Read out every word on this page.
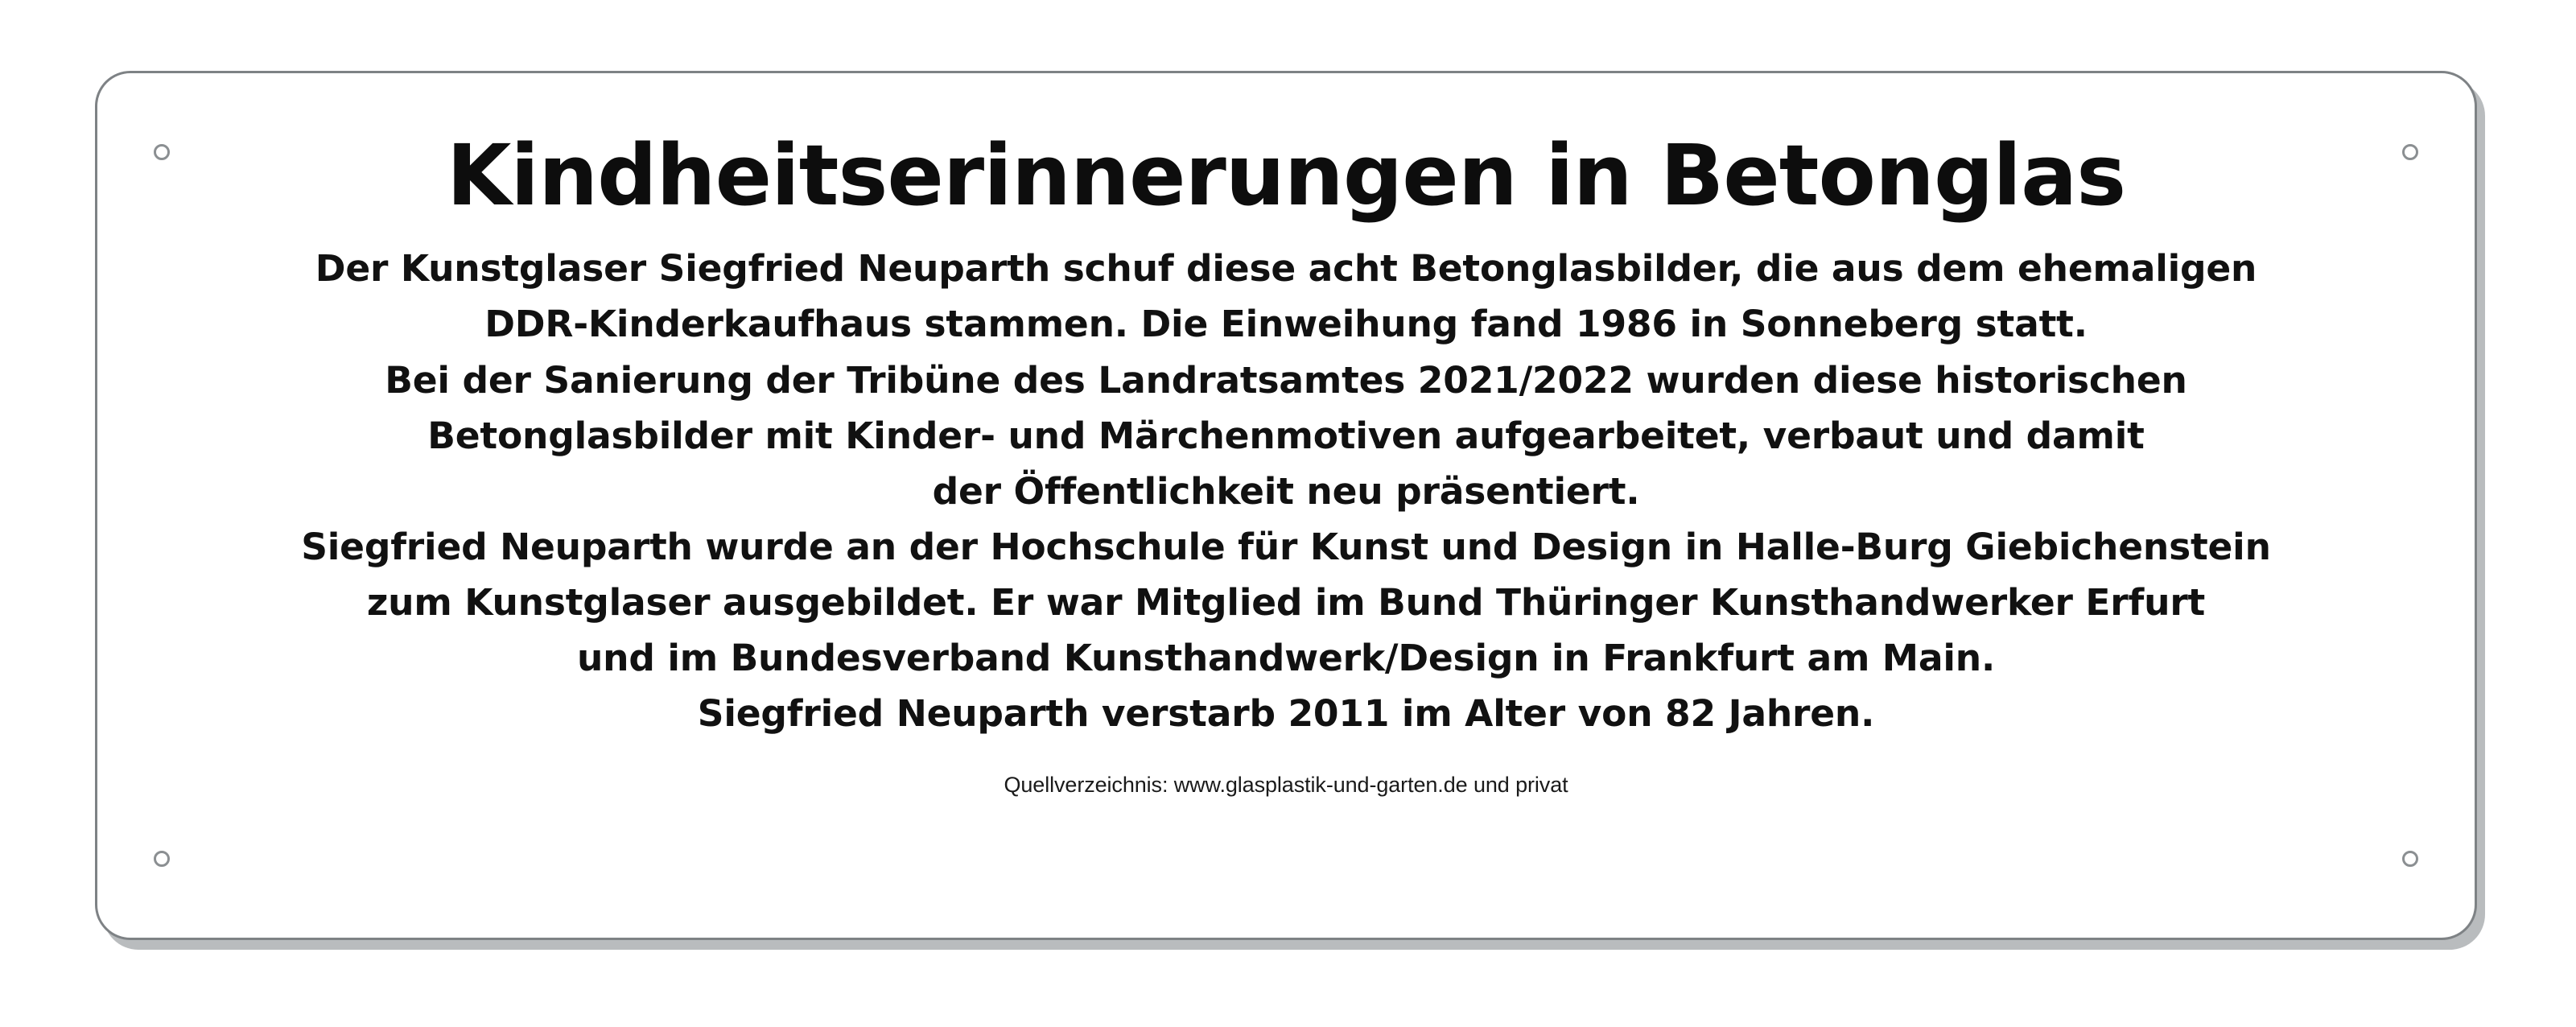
Kindheitserinnerungen in Betonglas
Der Kunstglaser Siegfried Neuparth schuf diese acht Betonglasbilder, die aus dem ehemaligen
DDR-Kinderkaufhaus stammen. Die Einweihung fand 1986 in Sonneberg statt.
Bei der Sanierung der Tribüne des Landratsamtes 2021/2022 wurden diese historischen
Betonglasbilder mit Kinder- und Märchenmotiven aufgearbeitet, verbaut und damit
der Öffentlichkeit neu präsentiert.
Siegfried Neuparth wurde an der Hochschule für Kunst und Design in Halle-Burg Giebichenstein
zum Kunstglaser ausgebildet. Er war Mitglied im Bund Thüringer Kunsthandwerker Erfurt
und im Bundesverband Kunsthandwerk/Design in Frankfurt am Main.
Siegfried Neuparth verstarb 2011 im Alter von 82 Jahren.
Quellverzeichnis: www.glasplastik-und-garten.de und privat
